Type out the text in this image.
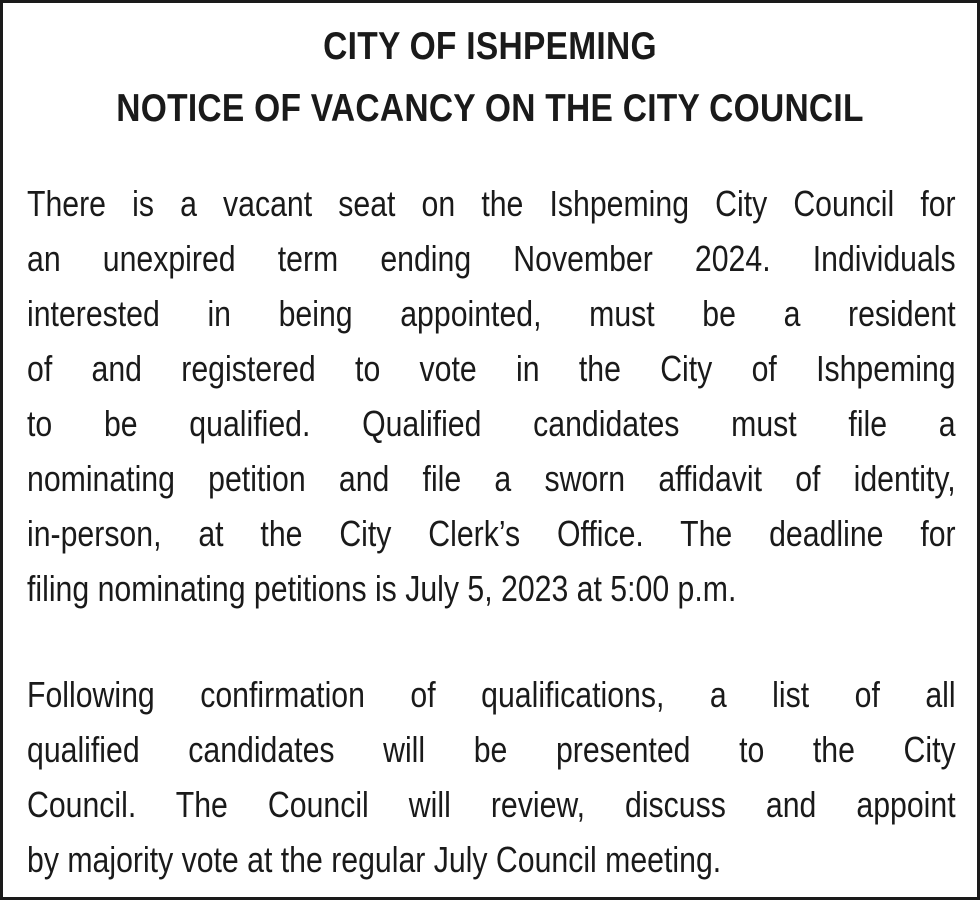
CITY OF ISHPEMING
NOTICE OF VACANCY ON THE CITY COUNCIL
There is a vacant seat on the Ishpeming City Council for
an unexpired term ending November 2024. Individuals
interested in being appointed, must be a resident
of and registered to vote in the City of Ishpeming
to be qualified. Qualified candidates must file a
nominating petition and file a sworn affidavit of identity,
in-person, at the City Clerk’s Office. The deadline for
filing nominating petitions is July 5, 2023 at 5:00 p.m.
Following confirmation of qualifications, a list of all
qualified candidates will be presented to the City
Council. The Council will review, discuss and appoint
by majority vote at the regular July Council meeting.
